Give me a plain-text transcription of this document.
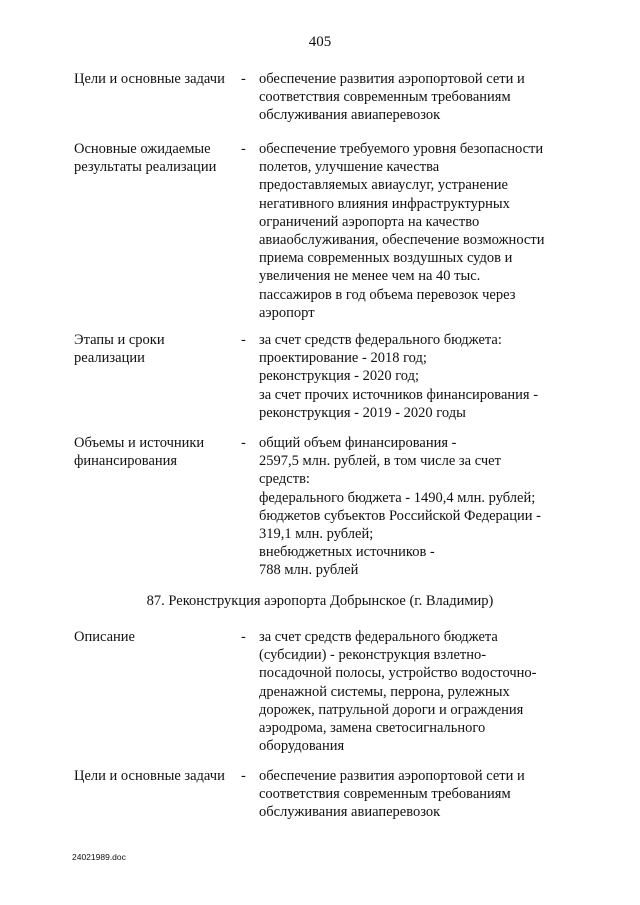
405
Цели и основные задачи	- обеспечение развития аэропортовой сети и
соответствия современным требованиям
обслуживания авиаперевозок
Основные ожидаемые
результаты реализации
- обеспечение требуемого уровня безопасности
полетов, улучшение качества
предоставляемых авиауслуг, устранение
негативного влияния инфраструктурных
ограничений аэропорта на качество
авиаобслуживания, обеспечение возможности
приема современных воздушных судов и
увеличения не менее чем на 40 тыс.
пассажиров в год объема перевозок через
аэропорт
Этапы и сроки
реализации
- за счет средств федерального бюджета:
проектирование - 2018 год;
реконструкция - 2020 год;
за счет прочих источников финансирования -
реконструкция - 2019 - 2020 годы
Объемы и источники
финансирования
- общий объем финансирования -
2597,5 млн. рублей, в том числе за счет
средств:
федерального бюджета - 1490,4 млн. рублей;
бюджетов субъектов Российской Федерации -
319,1 млн. рублей;
внебюджетных источников -
788 млн. рублей
87. Реконструкция аэропорта Добрынское (г. Владимир)
Описание	- за счет средств федерального бюджета
(субсидии) - реконструкция взлетно-
посадочной полосы, устройство водосточно-
дренажной системы, перрона, рулежных
дорожек, патрульной дороги и ограждения
аэродрома, замена светосигнального
оборудования
Цели и основные задачи	- обеспечение развития аэропортовой сети и
соответствия современным требованиям
обслуживания авиаперевозок
24021989.doc
